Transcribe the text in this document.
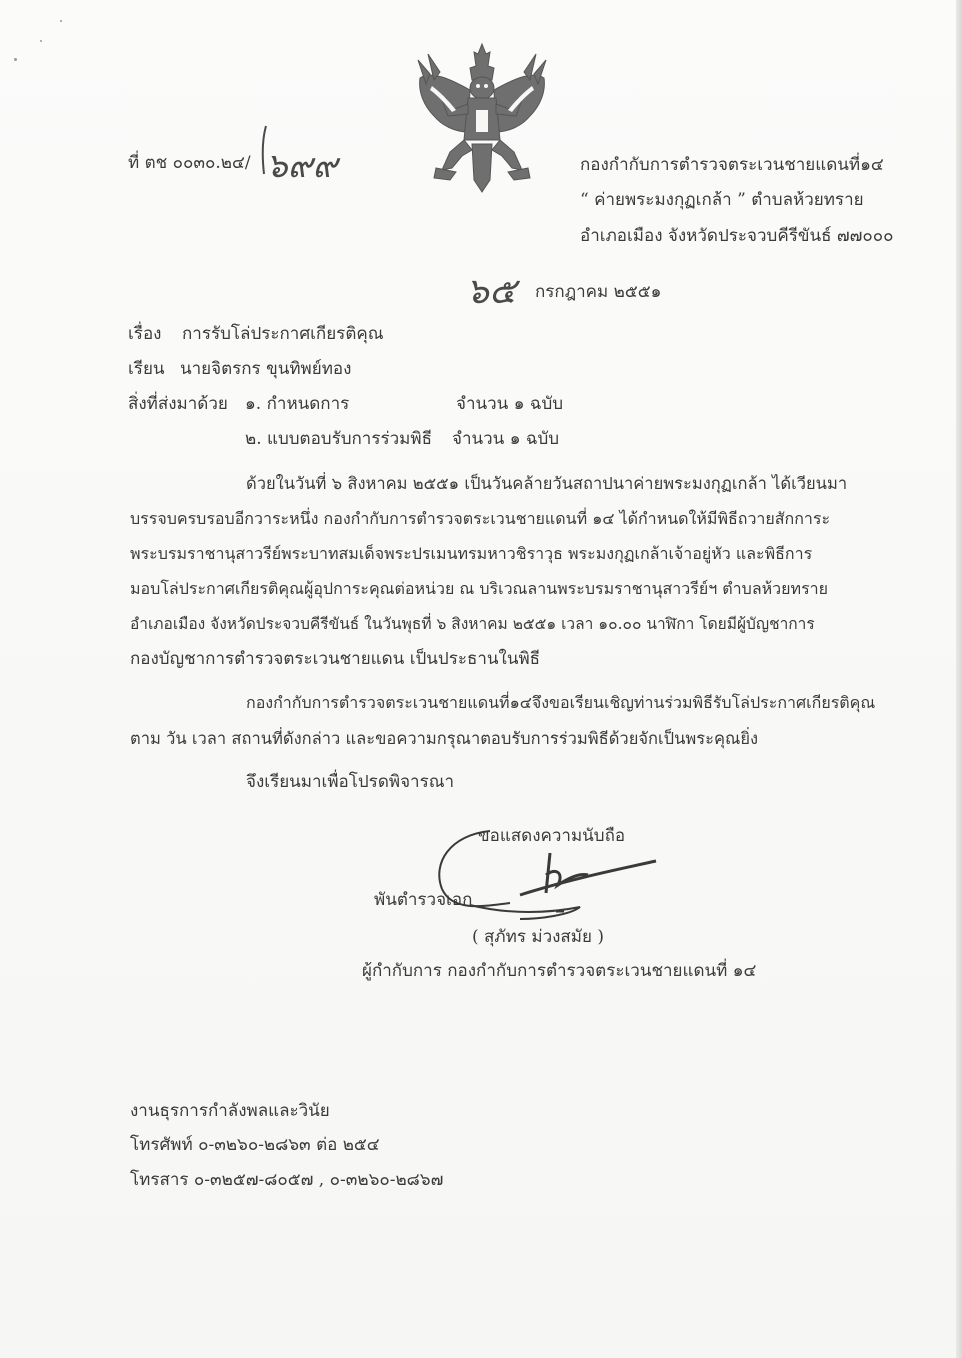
ที่ ตช ๐๐๓๐.๒๔/ ๖๙๙	กองกำกับการตำรวจตระเวนชายแดนที่๑๔
“ ค่ายพระมงกุฏเกล้า ” ตำบลห้วยทราย
อำเภอเมือง จังหวัดประจวบคีรีขันธ์ ๗๗๐๐๐
๖๕ กรกฎาคม ๒๕๕๑
เรื่อง การรับโล่ประกาศเกียรติคุณ
เรียน นายจิตรกร ขุนทิพย์ทอง
สิ่งที่ส่งมาด้วย ๑. กำหนดการ	จำนวน ๑ ฉบับ
๒. แบบตอบรับการร่วมพิธี จำนวน ๑ ฉบับ
ด้วยในวันที่ ๖ สิงหาคม ๒๕๕๑ เป็นวันคล้ายวันสถาปนาค่ายพระมงกุฏเกล้า ได้เวียนมา
บรรจบครบรอบอีกวาระหนึ่ง กองกำกับการตำรวจตระเวนชายแดนที่ ๑๔ ได้กำหนดให้มีพิธีถวายสักการะ
พระบรมราชานุสาวรีย์พระบาทสมเด็จพระปรเมนทรมหาวชิราวุธ พระมงกุฏเกล้าเจ้าอยู่หัว และพิธีการ
มอบโล่ประกาศเกียรติคุณผู้อุปการะคุณต่อหน่วย ณ บริเวณลานพระบรมราชานุสาวรีย์ฯ ตำบลห้วยทราย
อำเภอเมือง จังหวัดประจวบคีรีขันธ์ ในวันพุธที่ ๖ สิงหาคม ๒๕๕๑ เวลา ๑๐.๐๐ นาฬิกา โดยมีผู้บัญชาการ
กองบัญชาการตำรวจตระเวนชายแดน เป็นประธานในพิธี
กองกำกับการตำรวจตระเวนชายแดนที่๑๔จึงขอเรียนเชิญท่านร่วมพิธีรับโล่ประกาศเกียรติคุณ
ตาม วัน เวลา สถานที่ดังกล่าว และขอความกรุณาตอบรับการร่วมพิธีด้วยจักเป็นพระคุณยิ่ง
จึงเรียนมาเพื่อโปรดพิจารณา
ขอแสดงความนับถือ
พันตำรวจเอก
( สุภัทร ม่วงสมัย )
ผู้กำกับการ กองกำกับการตำรวจตระเวนชายแดนที่ ๑๔
งานธุรการกำลังพลและวินัย
โทรศัพท์ ๐-๓๒๖๐-๒๘๖๓ ต่อ ๒๕๔
โทรสาร ๐-๓๒๕๗-๘๐๕๗ , ๐-๓๒๖๐-๒๘๖๗
